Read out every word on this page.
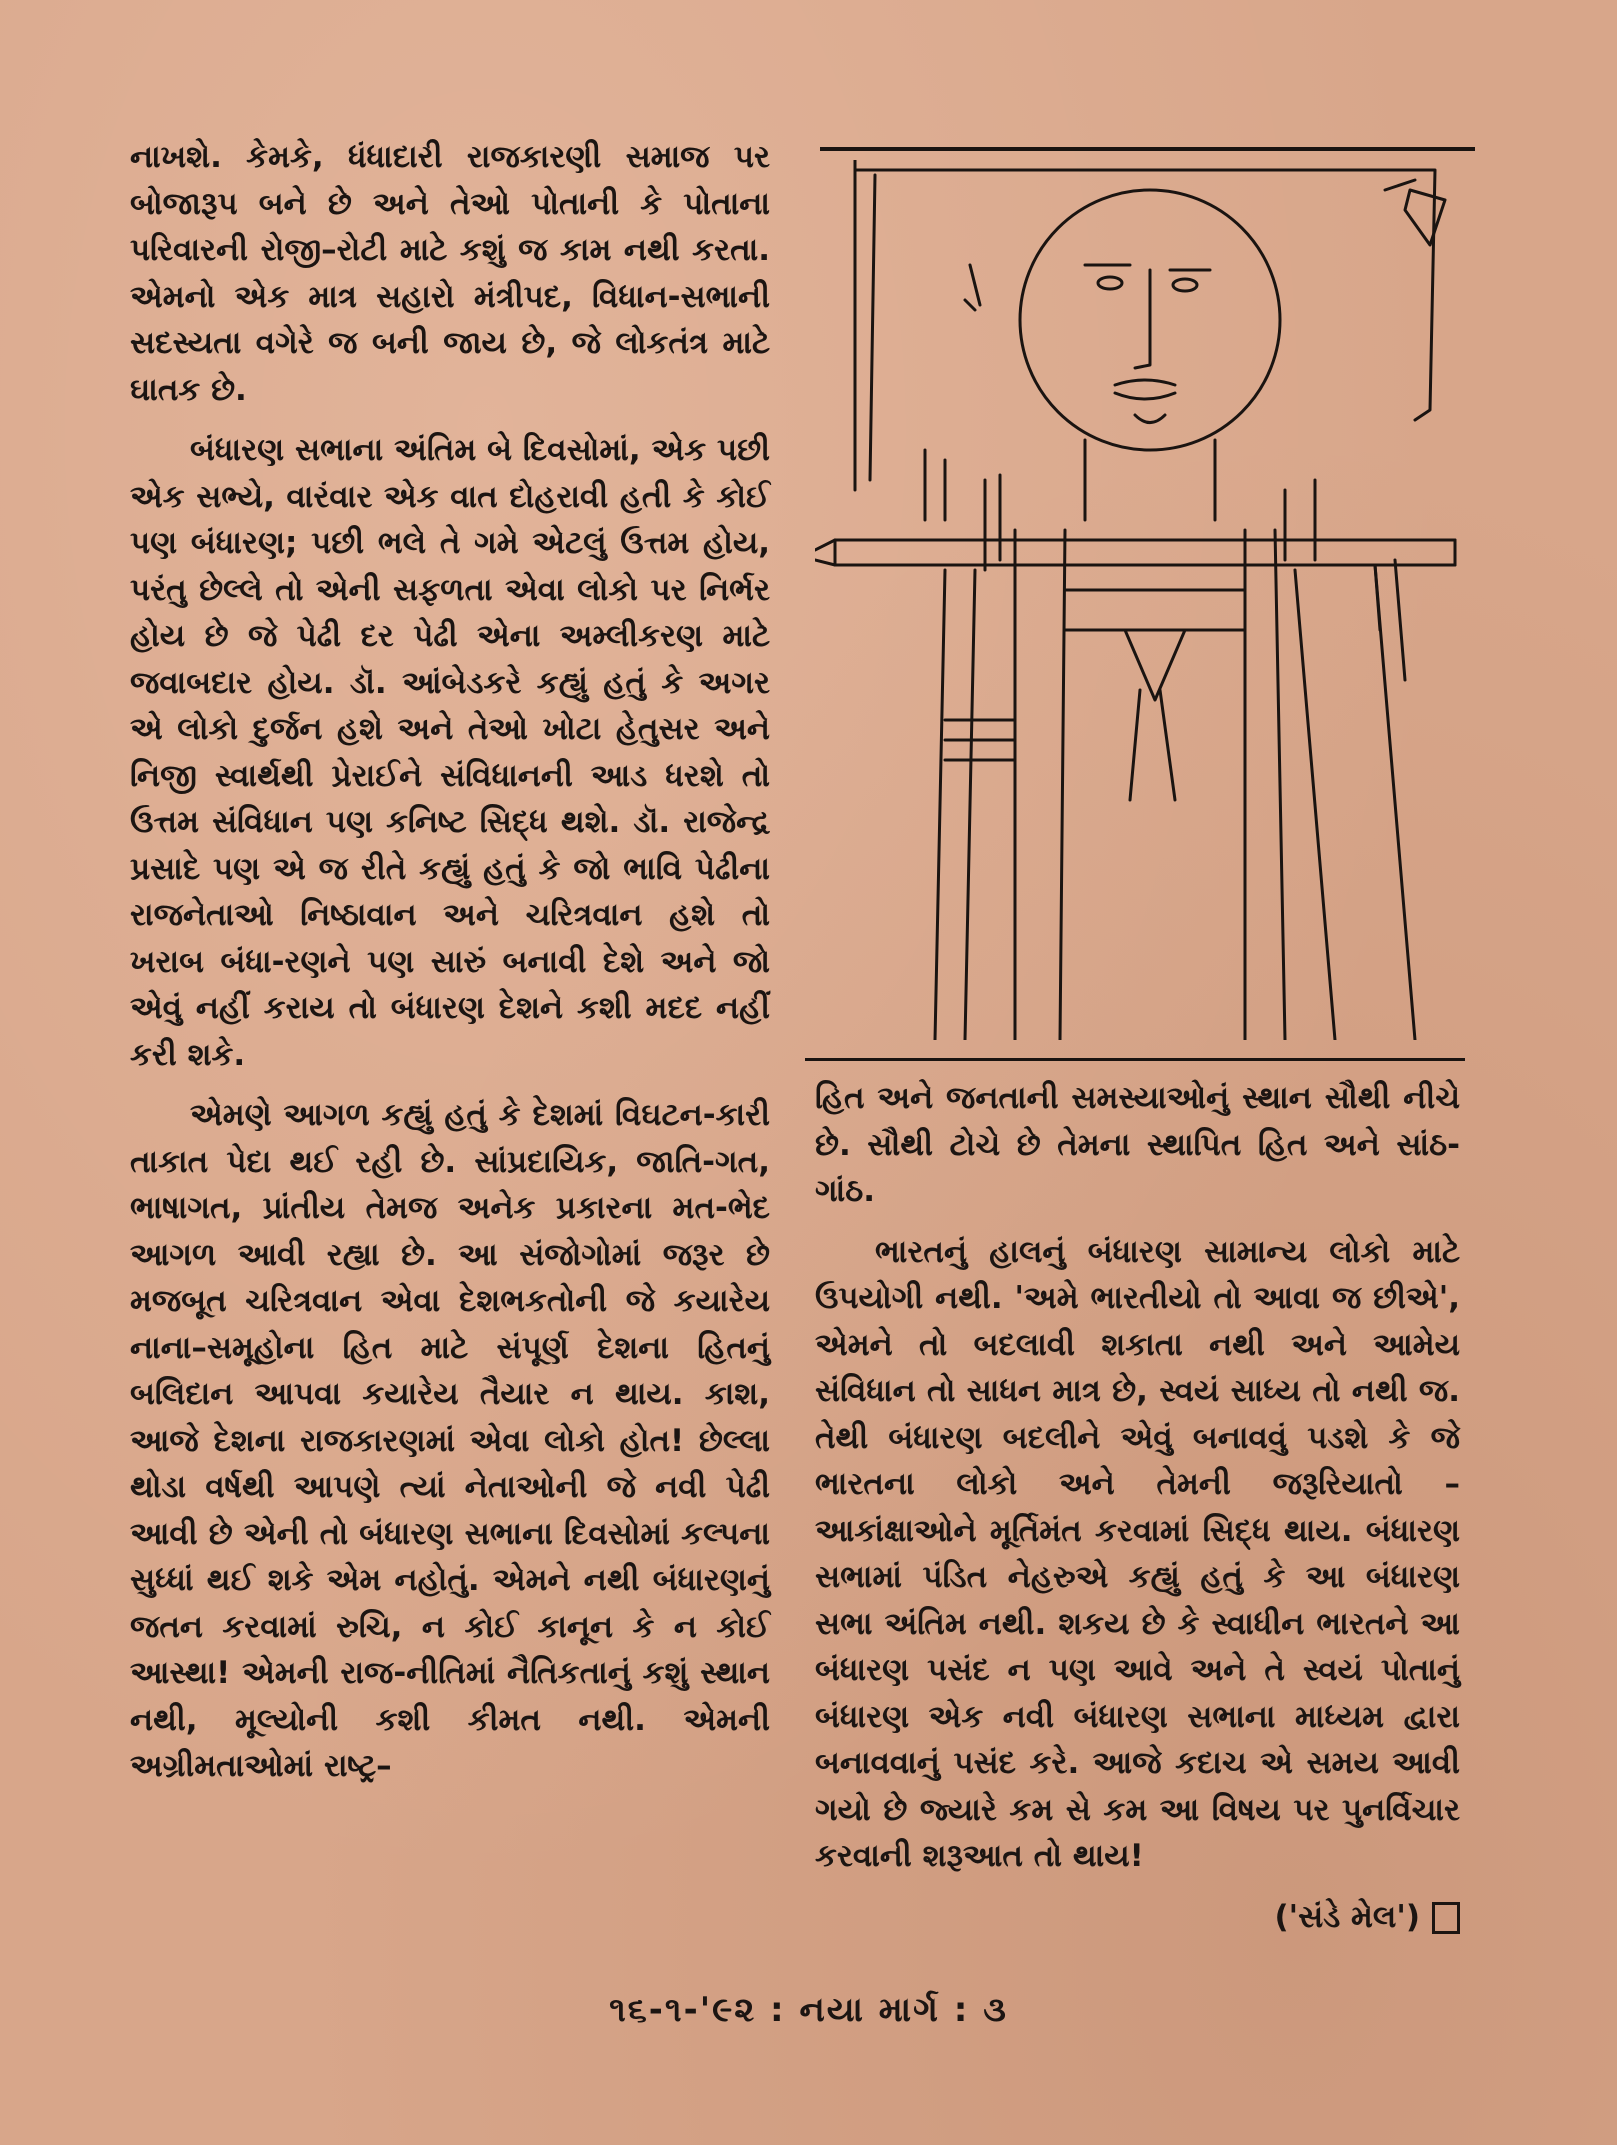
નાખશે. કેમકે, ધંધાદારી રાજકારણી સમાજ પર બોજારૂપ બને છે અને તેઓ પોતાની કે પોતાના પરિવારની રોજી–રોટી માટે કશું જ કામ નથી કરતા. એમનો એક માત્ર સહારો મંત્રીપદ, વિધાન-સભાની સદસ્યતા વગેરે જ બની જાય છે, જે લોકતંત્ર માટે ઘાતક છે.

બંધારણ સભાના અંતિમ બે દિવસોમાં, એક પછી એક સભ્યે, વારંવાર એક વાત દોહરાવી હતી કે કોઈ પણ બંધારણ; પછી ભલે તે ગમે એટલું ઉત્તમ હોય, પરંતુ છેલ્લે તો એની સફળતા એવા લોકો પર નિર્ભર હોય છે જે પેઢી દર પેઢી એના અમ્લીકરણ માટે જવાબદાર હોય. ડૉ. આંબેડકરે કહ્યું હતું કે અગર એ લોકો દુર્જન હશે અને તેઓ ખોટા હેતુસર અને નિજી સ્વાર્થથી પ્રેરાઈને સંવિધાનની આડ ધરશે તો ઉત્તમ સંવિધાન પણ કનિષ્ટ સિદ્ધ થશે. ડૉ. રાજેન્દ્ર પ્રસાદે પણ એ જ રીતે કહ્યું હતું કે જો ભાવિ પેઢીના રાજનેતાઓ નિષ્ઠાવાન અને ચરિત્રવાન હશે તો ખરાબ બંધા-રણને પણ સારું બનાવી દેશે અને જો એવું નહીં કરાય તો બંધારણ દેશને કશી મદદ નહીં કરી શકે.

એમણે આગળ કહ્યું હતું કે દેશમાં વિઘટન-કારી તાકાત પેદા થઈ રહી છે. સાંપ્રદાયિક, જાતિ-ગત, ભાષાગત, પ્રાંતીય તેમજ અનેક પ્રકારના મત-ભેદ આગળ આવી રહ્યા છે. આ સંજોગોમાં જરૂર છે મજબૂત ચરિત્રવાન એવા દેશભકતોની જે કયારેય નાના–સમૂહોના હિત માટે સંપૂર્ણ દેશના હિતનું બલિદાન આપવા કયારેય તૈયાર ન થાય. કાશ, આજે દેશના રાજકારણમાં એવા લોકો હોત! છેલ્લા થોડા વર્ષથી આપણે ત્યાં નેતાઓની જે નવી પેઢી આવી છે એની તો બંધારણ સભાના દિવસોમાં કલ્પના સુધ્ધાં થઈ શકે એમ નહોતું. એમને નથી બંધારણનું જતન કરવામાં રુચિ, ન કોઈ કાનૂન કે ન કોઈ આસ્થા! એમની રાજ-નીતિમાં નૈતિકતાનું કશું સ્થાન નથી, મૂલ્યોની કશી કીમત નથી. એમની અગ્રીમતાઓમાં રાષ્ટ્ર–

હિત અને જનતાની સમસ્યાઓનું સ્થાન સૌથી નીચે છે. સૌથી ટોચે છે તેમના સ્થાપિત હિત અને સાંઠ-ગાંઠ.

ભારતનું હાલનું બંધારણ સામાન્ય લોકો માટે ઉપયોગી નથી. 'અમે ભારતીયો તો આવા જ છીએ', એમને તો બદલાવી શકાતા નથી અને આમેય સંવિધાન તો સાધન માત્ર છે, સ્વયં સાધ્ય તો નથી જ. તેથી બંધારણ બદલીને એવું બનાવવું પડશે કે જે ભારતના લોકો અને તેમની જરૂરિયાતો –આકાંક્ષાઓને મૂર્તિમંત કરવામાં સિદ્ધ થાય. બંધારણ સભામાં પંડિત નેહરુએ કહ્યું હતું કે આ બંધારણ સભા અંતિમ નથી. શકય છે કે સ્વાધીન ભારતને આ બંધારણ પસંદ ન પણ આવે અને તે સ્વયં પોતાનું બંધારણ એક નવી બંધારણ સભાના માધ્યમ દ્વારા બનાવવાનું પસંદ કરે. આજે કદાચ એ સમય આવી ગયો છે જ્યારે કમ સે કમ આ વિષય પર પુનર્વિચાર કરવાની શરૂઆત તો થાય!

('સંડે મેલ')
૧૬-૧-'૯૨ : નયા માર્ગ : ૩
